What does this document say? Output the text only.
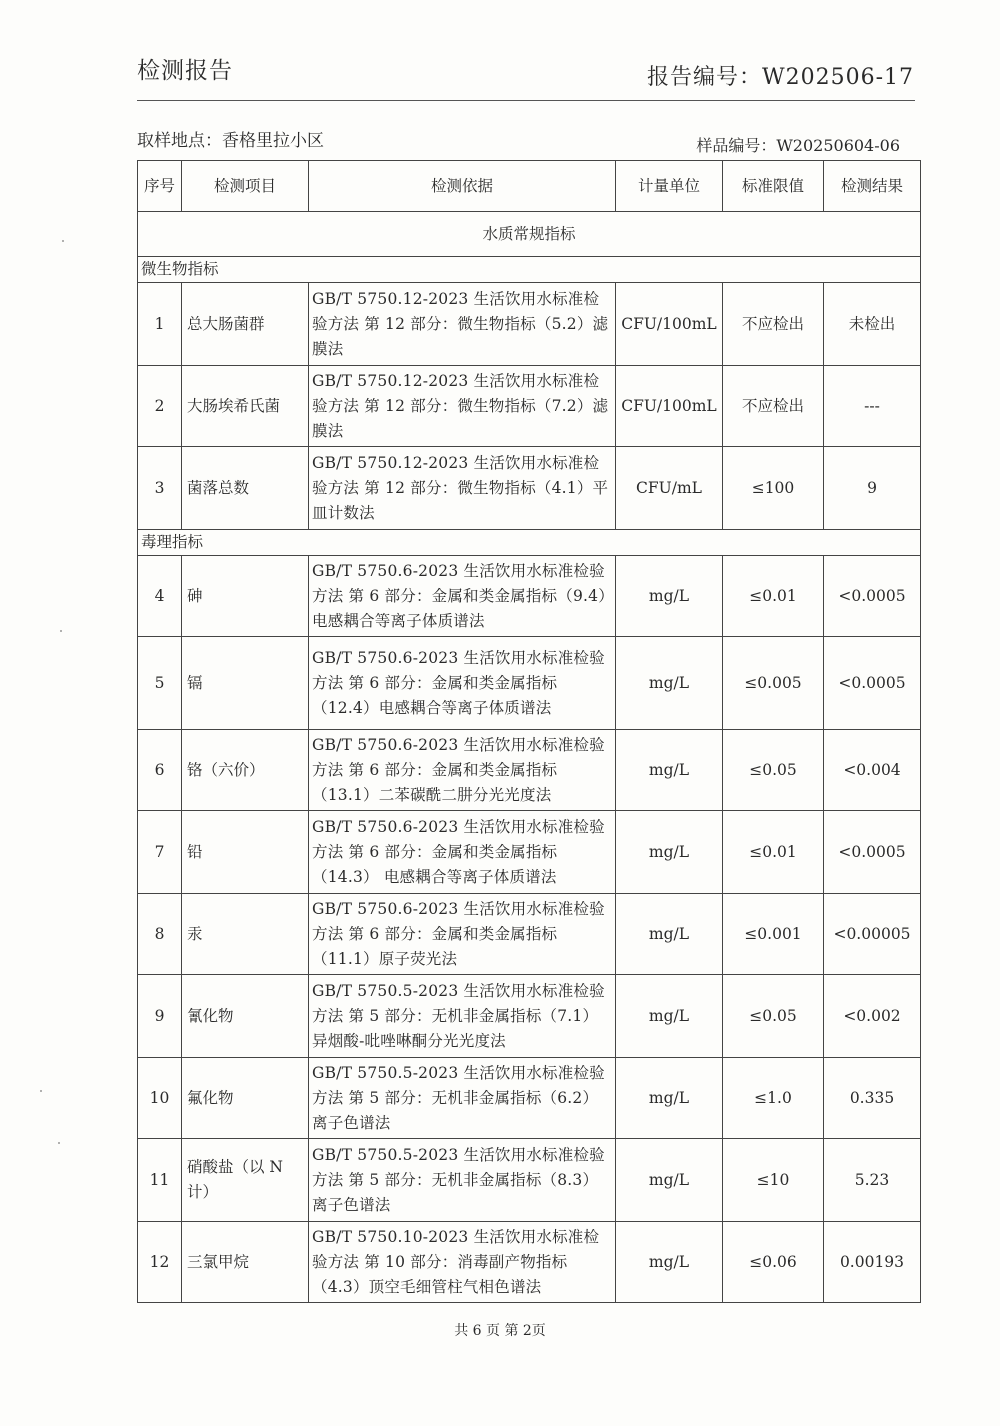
检测报告	报告编号：W202506-17
取样地点：香格里拉小区	样品编号：W20250604-06
序号	检测项目	检测依据	计量单位	标准限值	检测结果
水质常规指标					
微生物指标					
1	总大肠菌群	GB/T 5750.12-2023 生活饮用水标准检验方法 第 12 部分：微生物指标（5.2）滤膜法	CFU/100mL	不应检出	未检出
2	大肠埃希氏菌	GB/T 5750.12-2023 生活饮用水标准检验方法 第 12 部分：微生物指标（7.2）滤膜法	CFU/100mL	不应检出	---
3	菌落总数	GB/T 5750.12-2023 生活饮用水标准检验方法 第 12 部分：微生物指标（4.1）平皿计数法	CFU/mL	≤100	9
毒理指标					
4	砷	GB/T 5750.6-2023 生活饮用水标准检验方法 第 6 部分：金属和类金属指标（9.4）电感耦合等离子体质谱法	mg/L	≤0.01	<0.0005
5	镉	GB/T 5750.6-2023 生活饮用水标准检验方法 第 6 部分：金属和类金属指标（12.4）电感耦合等离子体质谱法	mg/L	≤0.005	<0.0005
6	铬（六价）	GB/T 5750.6-2023 生活饮用水标准检验方法 第 6 部分：金属和类金属指标（13.1）二苯碳酰二肼分光光度法	mg/L	≤0.05	<0.004
7	铅	GB/T 5750.6-2023 生活饮用水标准检验方法 第 6 部分：金属和类金属指标（14.3） 电感耦合等离子体质谱法	mg/L	≤0.01	<0.0005
8	汞	GB/T 5750.6-2023 生活饮用水标准检验方法 第 6 部分：金属和类金属指标（11.1）原子荧光法	mg/L	≤0.001	<0.00005
9	氰化物	GB/T 5750.5-2023 生活饮用水标准检验方法 第 5 部分：无机非金属指标（7.1）异烟酸-吡唑啉酮分光光度法	mg/L	≤0.05	<0.002
10	氟化物	GB/T 5750.5-2023 生活饮用水标准检验方法 第 5 部分：无机非金属指标（6.2）离子色谱法	mg/L	≤1.0	0.335
11	硝酸盐（以 N 计）	GB/T 5750.5-2023 生活饮用水标准检验方法 第 5 部分：无机非金属指标（8.3）离子色谱法	mg/L	≤10	5.23
12	三氯甲烷	GB/T 5750.10-2023 生活饮用水标准检验方法 第 10 部分：消毒副产物指标（4.3）顶空毛细管柱气相色谱法	mg/L	≤0.06	0.00193
共 6 页 第 2页
